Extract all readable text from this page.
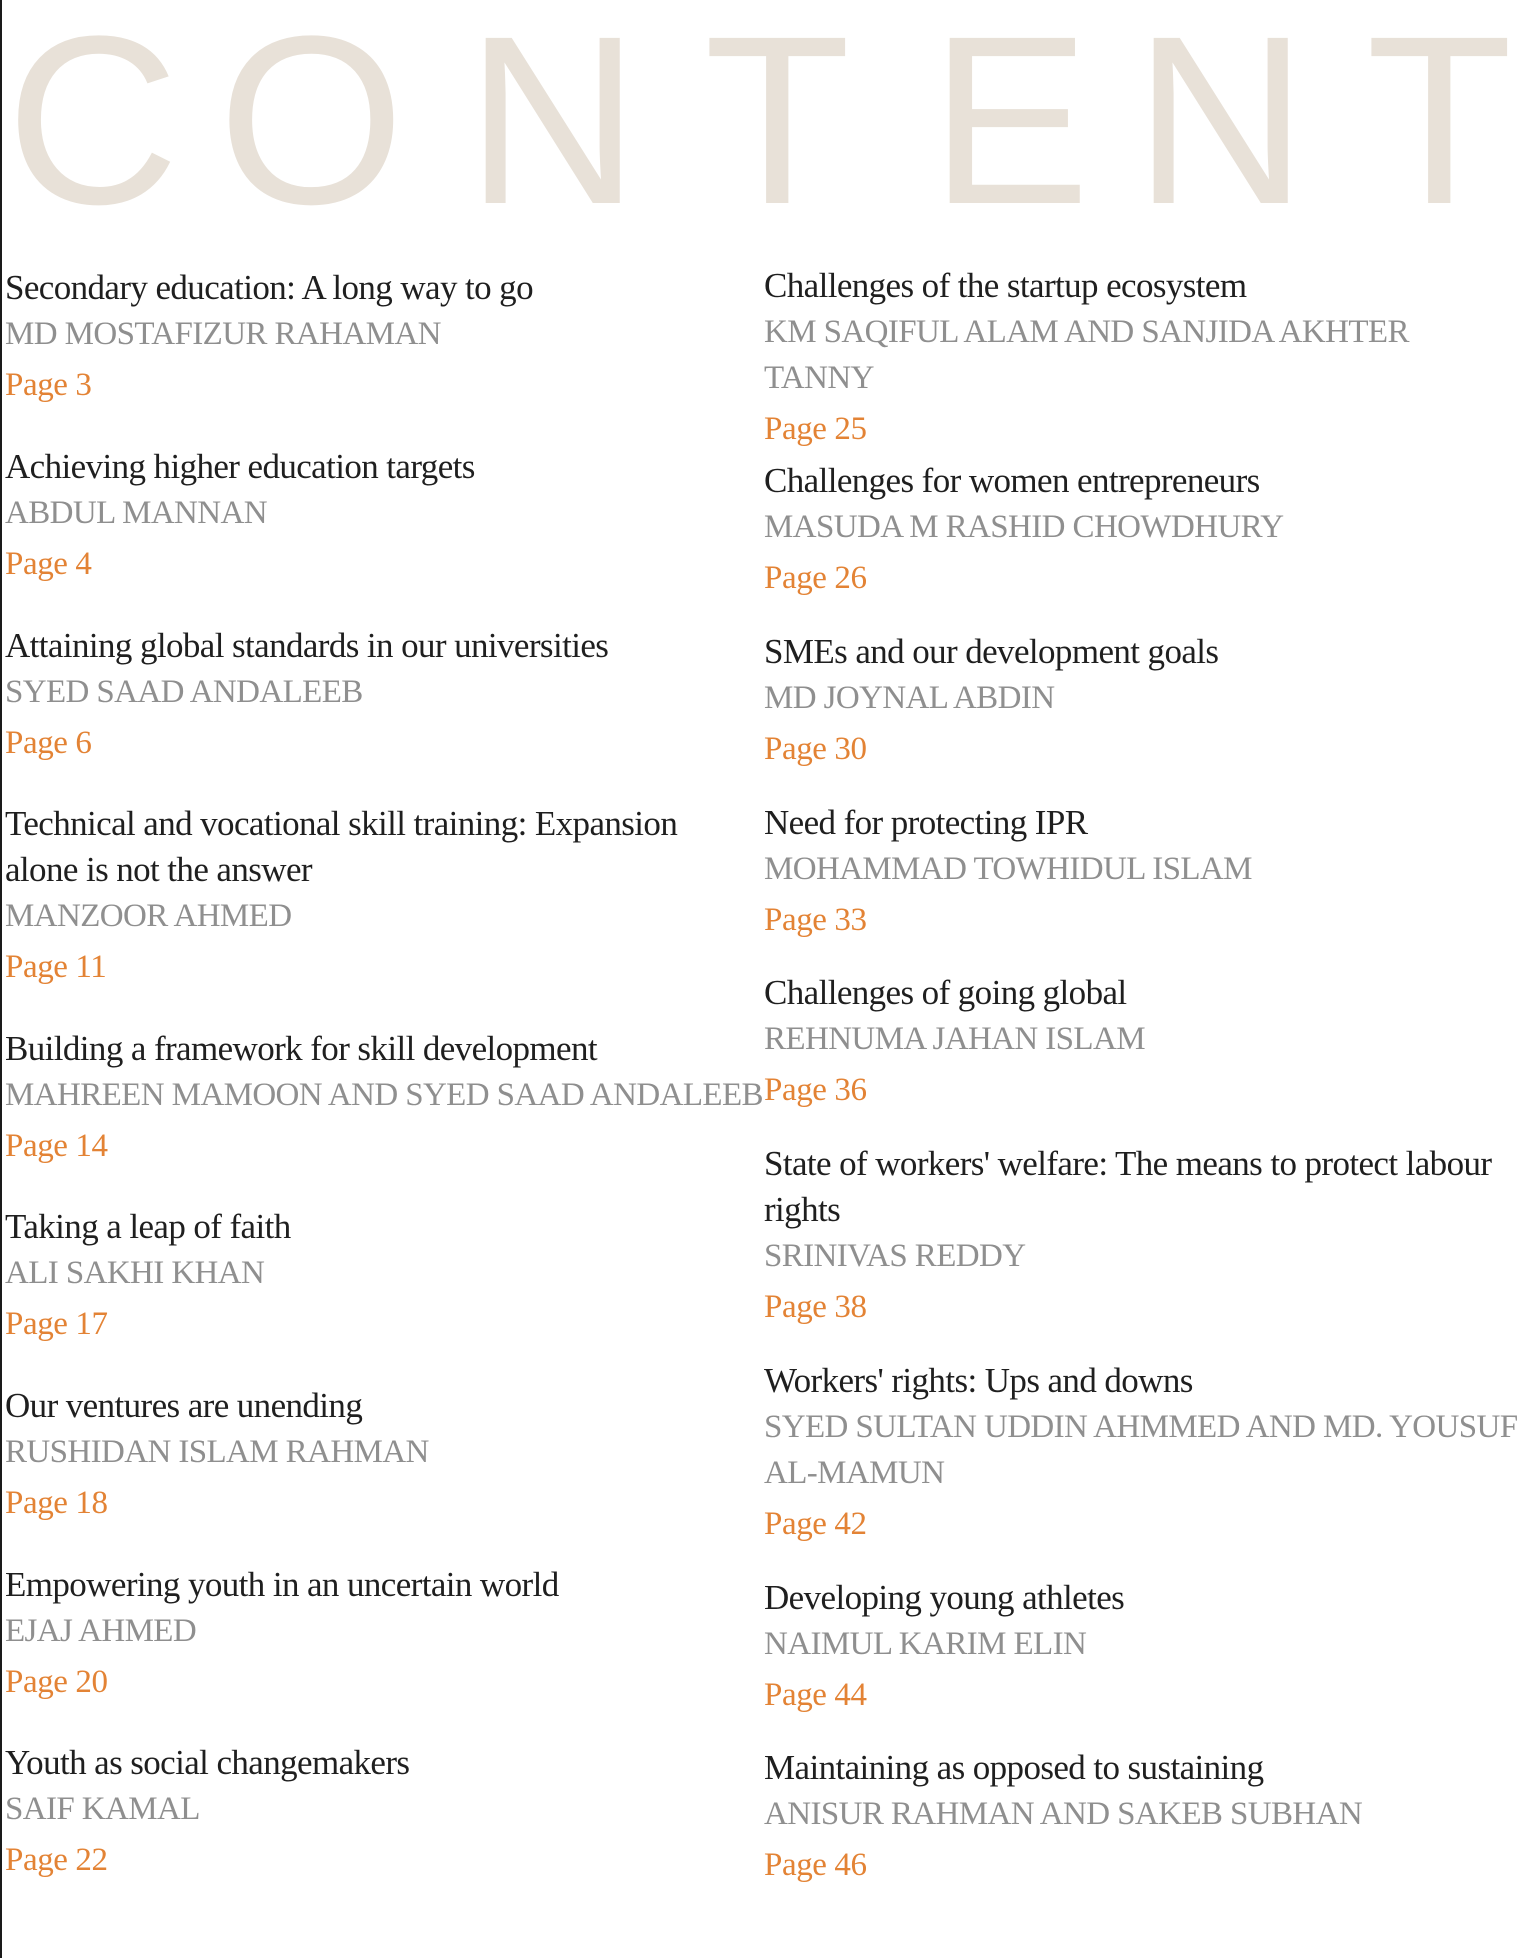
C O N T E N T
Secondary education: A long way to go
MD MOSTAFIZUR RAHAMAN
Page 3
Achieving higher education targets
ABDUL MANNAN
Page 4
Attaining global standards in our universities
SYED SAAD ANDALEEB
Page 6
Technical and vocational skill training: Expansion alone is not the answer
MANZOOR AHMED
Page 11
Building a framework for skill development
MAHREEN MAMOON AND SYED SAAD ANDALEEB
Page 14
Taking a leap of faith
ALI SAKHI KHAN
Page 17
Our ventures are unending
RUSHIDAN ISLAM RAHMAN
Page 18
Empowering youth in an uncertain world
EJAJ AHMED
Page 20
Youth as social changemakers
SAIF KAMAL
Page 22
Challenges of the startup ecosystem
KM SAQIFUL ALAM AND SANJIDA AKHTER TANNY
Page 25
Challenges for women entrepreneurs
MASUDA M RASHID CHOWDHURY
Page 26
SMEs and our development goals
MD JOYNAL ABDIN
Page 30
Need for protecting IPR
MOHAMMAD TOWHIDUL ISLAM
Page 33
Challenges of going global
REHNUMA JAHAN ISLAM
Page 36
State of workers' welfare: The means to protect labour rights
SRINIVAS REDDY
Page 38
Workers' rights: Ups and downs
SYED SULTAN UDDIN AHMMED AND MD. YOUSUF AL-MAMUN
Page 42
Developing young athletes
NAIMUL KARIM ELIN
Page 44
Maintaining as opposed to sustaining
ANISUR RAHMAN AND SAKEB SUBHAN
Page 46
